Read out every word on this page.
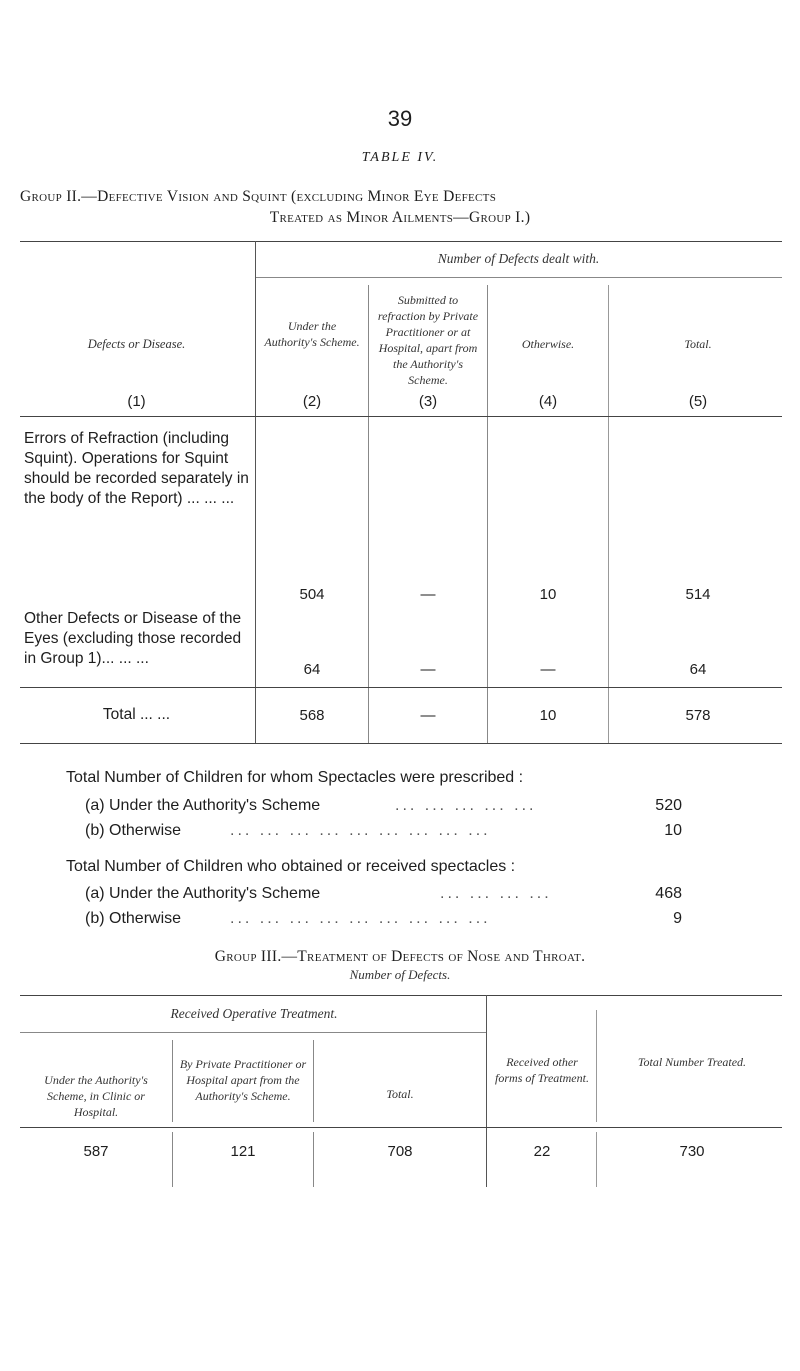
39
TABLE IV.
Group II.—Defective Vision and Squint (excluding Minor Eye Defects
Treated as Minor Ailments—Group I.)
Number of Defects dealt with.
Defects or Disease.
Under the Authority's Scheme.
Submitted to refraction by Private Practitioner or at Hospital, apart from the Authority's Scheme.
Otherwise.	Total.
(1)	(2)	(3)	(4)	(5)
Errors of Refraction (including Squint). Operations for Squint should be recorded separately in the body of the Report) ... ... ...
504	—	10	514
Other Defects or Disease of the Eyes (excluding those recorded in Group 1)... ... ...
64	—	—	64
Total ... ...	568	—	10	578
Total Number of Children for whom Spectacles were prescribed :
(a) Under the Authority's Scheme	... ... ... ... ...	520
(b) Otherwise	... ... ... ... ... ... ... ... ...	10
Total Number of Children who obtained or received spectacles :
(a) Under the Authority's Scheme	... ... ... ...	468
(b) Otherwise	... ... ... ... ... ... ... ... ...	9
Group III.—Treatment of Defects of Nose and Throat.
Number of Defects.
Received Operative Treatment.
Under the Authority's Scheme, in Clinic or Hospital.
By Private Practitioner or Hospital apart from the Authority's Scheme.	Total.
Received other forms of Treatment.
Total Number Treated.
587	121	708	22	730
